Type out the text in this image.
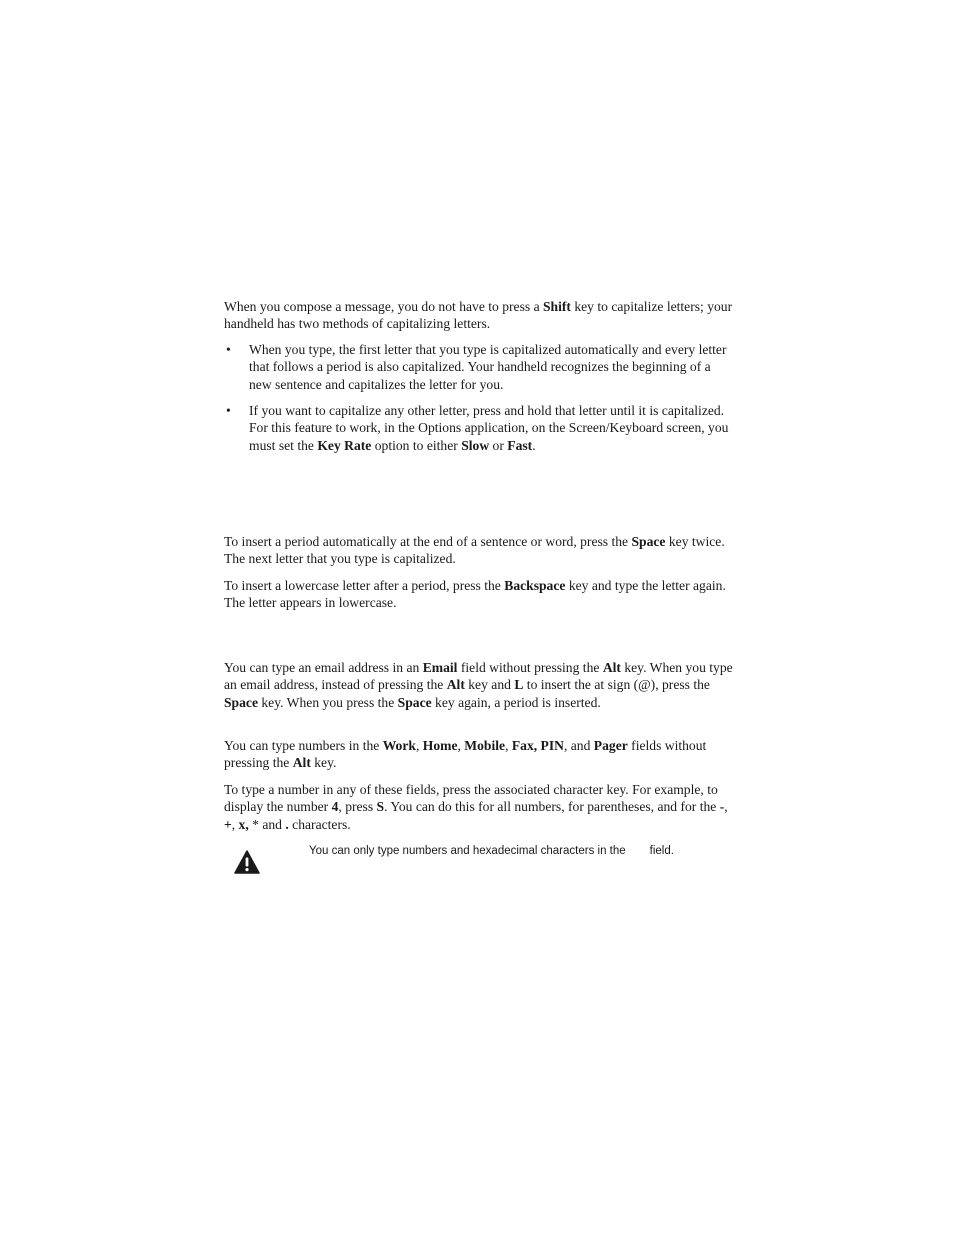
When you compose a message, you do not have to press a Shift key to capitalize letters; your handheld has two methods of capitalizing letters.

• When you type, the first letter that you type is capitalized automatically and every letter that follows a period is also capitalized. Your handheld recognizes the beginning of a new sentence and capitalizes the letter for you.
• If you want to capitalize any other letter, press and hold that letter until it is capitalized. For this feature to work, in the Options application, on the Screen/Keyboard screen, you must set the Key Rate option to either Slow or Fast.

To insert a period automatically at the end of a sentence or word, press the Space key twice. The next letter that you type is capitalized.

To insert a lowercase letter after a period, press the Backspace key and type the letter again. The letter appears in lowercase.

You can type an email address in an Email field without pressing the Alt key. When you type an email address, instead of pressing the Alt key and L to insert the at sign (@), press the Space key. When you press the Space key again, a period is inserted.

You can type numbers in the Work, Home, Mobile, Fax, PIN, and Pager fields without pressing the Alt key.

To type a number in any of these fields, press the associated character key. For example, to display the number 4, press S. You can do this for all numbers, for parentheses, and for the -, +, x, * and . characters.

You can only type numbers and hexadecimal characters in the field.
